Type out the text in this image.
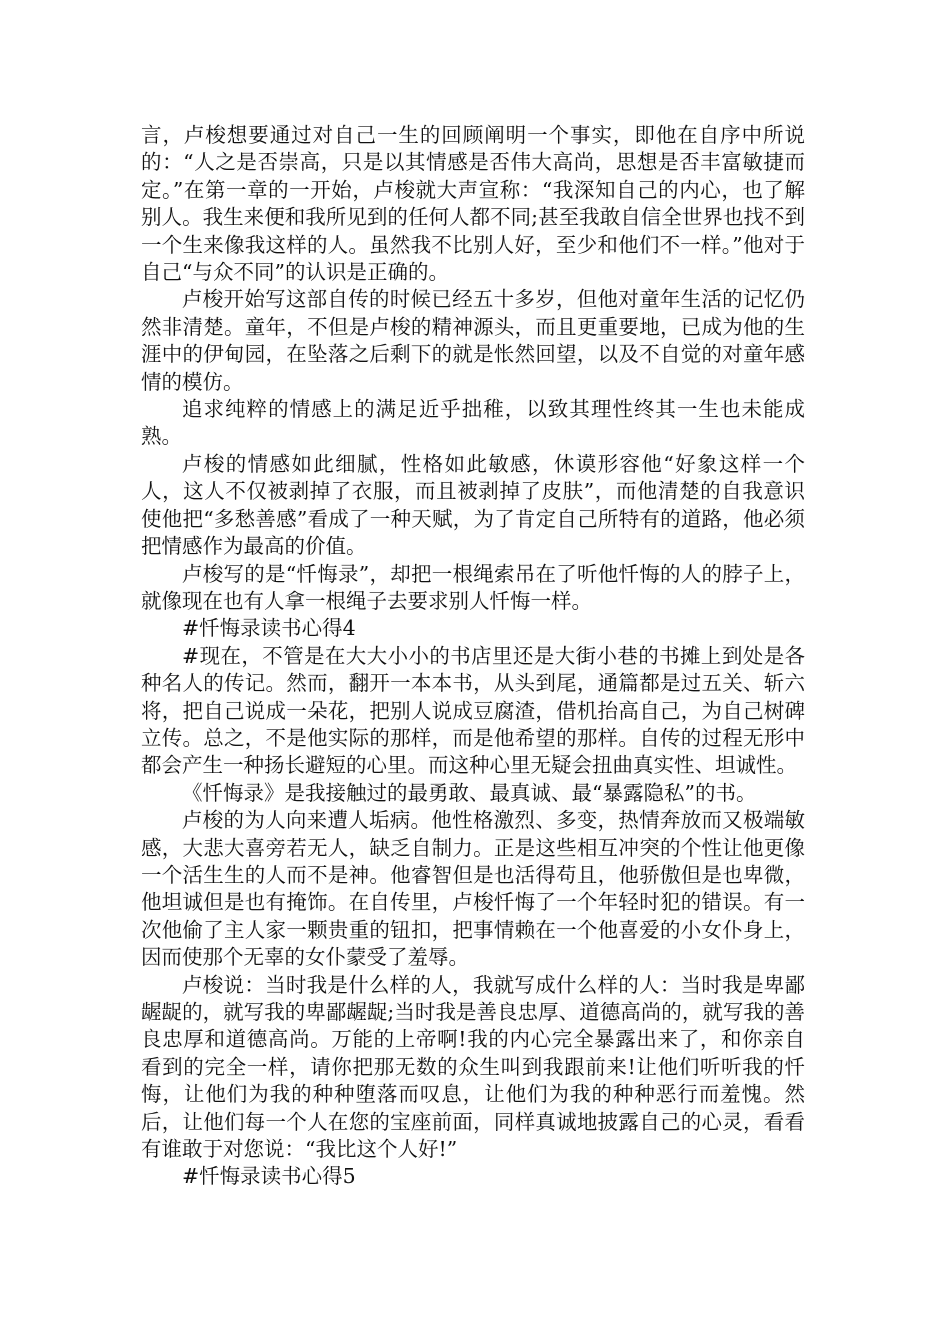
言，卢梭想要通过对自己一生的回顾阐明一个事实，即他在自序中所说的：“人之是否崇高，只是以其情感是否伟大高尚，思想是否丰富敏捷而定。”在第一章的一开始，卢梭就大声宣称：“我深知自己的内心，也了解别人。我生来便和我所见到的任何人都不同;甚至我敢自信全世界也找不到一个生来像我这样的人。虽然我不比别人好，至少和他们不一样。”他对于自己“与众不同”的认识是正确的。

卢梭开始写这部自传的时候已经五十多岁，但他对童年生活的记忆仍然非清楚。童年，不但是卢梭的精神源头，而且更重要地，已成为他的生涯中的伊甸园，在坠落之后剩下的就是怅然回望，以及不自觉的对童年感情的模仿。

追求纯粹的情感上的满足近乎拙稚，以致其理性终其一生也未能成熟。

卢梭的情感如此细腻，性格如此敏感，休谟形容他“好象这样一个人，这人不仅被剥掉了衣服，而且被剥掉了皮肤”，而他清楚的自我意识使他把“多愁善感”看成了一种天赋，为了肯定自己所特有的道路，他必须把情感作为最高的价值。

卢梭写的是“忏悔录”，却把一根绳索吊在了听他忏悔的人的脖子上，就像现在也有人拿一根绳子去要求别人忏悔一样。

#忏悔录读书心得4

#现在，不管是在大大小小的书店里还是大街小巷的书摊上到处是各种名人的传记。然而，翻开一本本书，从头到尾，通篇都是过五关、斩六将，把自己说成一朵花，把别人说成豆腐渣，借机抬高自己，为自己树碑立传。总之，不是他实际的那样，而是他希望的那样。自传的过程无形中都会产生一种扬长避短的心里。而这种心里无疑会扭曲真实性、坦诚性。

《忏悔录》是我接触过的最勇敢、最真诚、最“暴露隐私”的书。

卢梭的为人向来遭人垢病。他性格激烈、多变，热情奔放而又极端敏感，大悲大喜旁若无人，缺乏自制力。正是这些相互冲突的个性让他更像一个活生生的人而不是神。他睿智但是也活得苟且，他骄傲但是也卑微，他坦诚但是也有掩饰。在自传里，卢梭忏悔了一个年轻时犯的错误。有一次他偷了主人家一颗贵重的钮扣，把事情赖在一个他喜爱的小女仆身上，因而使那个无辜的女仆蒙受了羞辱。

卢梭说：当时我是什么样的人，我就写成什么样的人：当时我是卑鄙龌龊的，就写我的卑鄙龌龊;当时我是善良忠厚、道德高尚的，就写我的善良忠厚和道德高尚。万能的上帝啊!我的内心完全暴露出来了，和你亲自看到的完全一样，请你把那无数的众生叫到我跟前来!让他们听听我的忏悔，让他们为我的种种堕落而叹息，让他们为我的种种恶行而羞愧。然后，让他们每一个人在您的宝座前面，同样真诚地披露自己的心灵，看看有谁敢于对您说：“我比这个人好!”

#忏悔录读书心得5
